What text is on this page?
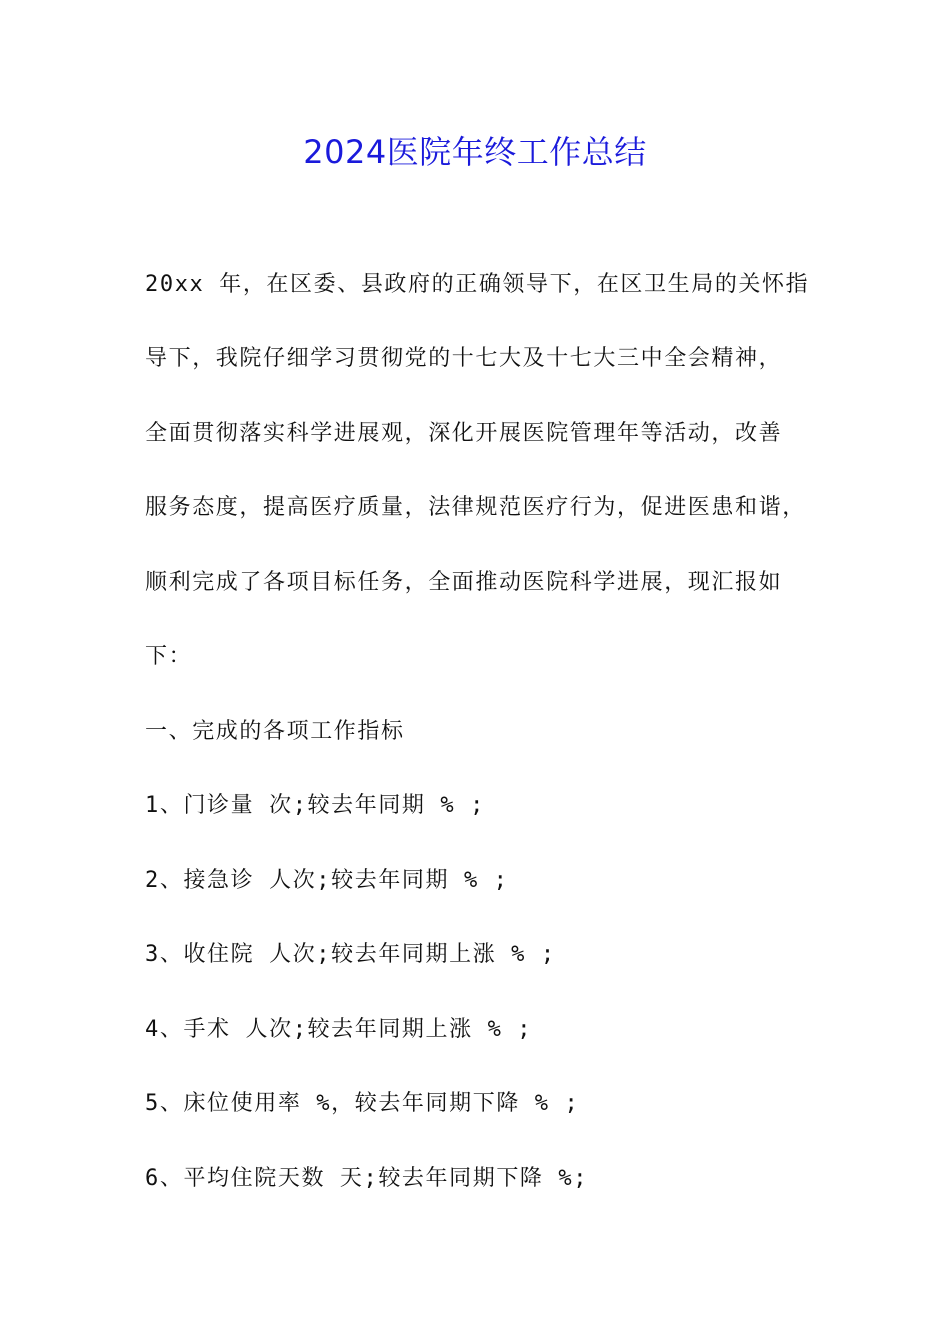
2024医院年终工作总结
20xx 年，在区委、县政府的正确领导下，在区卫生局的关怀指
导下，我院仔细学习贯彻党的十七大及十七大三中全会精神，
全面贯彻落实科学进展观，深化开展医院管理年等活动，改善
服务态度，提高医疗质量，法律规范医疗行为，促进医患和谐，
顺利完成了各项目标任务，全面推动医院科学进展，现汇报如
下：
一、完成的各项工作指标
1、门诊量 次;较去年同期 % ;
2、接急诊 人次;较去年同期 % ;
3、收住院 人次;较去年同期上涨 % ;
4、手术 人次;较去年同期上涨 % ;
5、床位使用率 %，较去年同期下降 % ;
6、平均住院天数 天;较去年同期下降 %;
